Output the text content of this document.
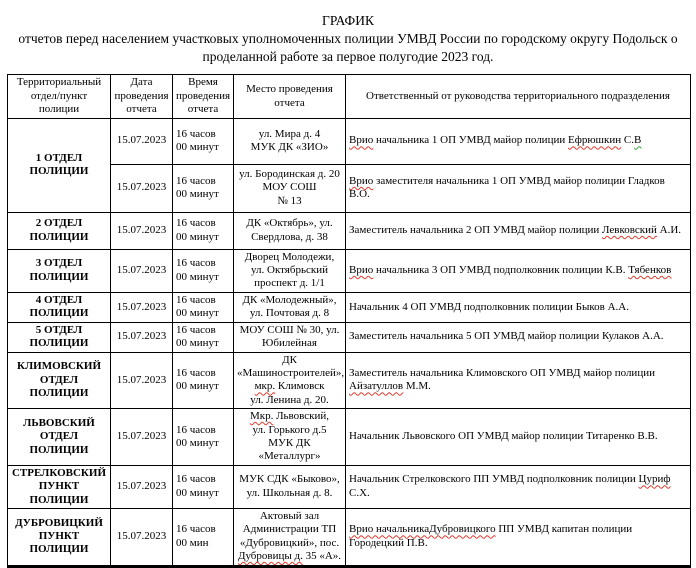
ГРАФИК
отчетов перед населением участковых уполномоченных полиции УМВД России по городскому округу Подольск о
проделанной работе за первое полугодие 2023 год.
Территориальный
отдел/пункт полиции	Дата
проведения
отчета	Время
проведения
отчета	Место проведения
отчета	Ответственный от руководства территориального подразделения
1 ОТДЕЛ
ПОЛИЦИИ	15.07.2023	16 часов
00 минут	ул. Мира д. 4
МУК ДК «ЗИО»	Врио начальника 1 ОП УМВД майор полиции Ефрюшкин С.В
	15.07.2023	16 часов
00 минут	ул. Бородинская д. 20
МОУ СОШ
№ 13	Врио заместителя начальника 1 ОП УМВД майор полиции Гладков В.О.
2 ОТДЕЛ
ПОЛИЦИИ	15.07.2023	16 часов
00 минут	ДК «Октябрь», ул.
Свердлова, д. 38	Заместитель начальника 2 ОП УМВД майор полиции Левковский А.И.
3 ОТДЕЛ
ПОЛИЦИИ	15.07.2023	16 часов
00 минут	Дворец Молодежи,
ул. Октябрьский
проспект д. 1/1	Врио начальника 3 ОП УМВД подполковник полиции К.В. Тябенков
4 ОТДЕЛ
ПОЛИЦИИ	15.07.2023	16 часов
00 минут	ДК «Молодежный»,
ул. Почтовая д. 8	Начальник 4 ОП УМВД подполковник полиции Быков А.А.
5 ОТДЕЛ
ПОЛИЦИИ	15.07.2023	16 часов
00 минут	МОУ СОШ № 30, ул.
Юбилейная	Заместитель начальника 5 ОП УМВД майор полиции Кулаков А.А.
КЛИМОВСКИЙ
ОТДЕЛ ПОЛИЦИИ	15.07.2023	16 часов
00 минут	ДК
«Машиностроителей»,
мкр. Климовск
ул. Ленина д. 20.	Заместитель начальника Климовского ОП УМВД майор полиции
Айзатуллов М.М.
ЛЬВОВСКИЙ
ОТДЕЛ ПОЛИЦИИ	15.07.2023	16 часов
00 минут	Мкр. Львовский,
ул. Горького д.5
МУК ДК «Металлург»	Начальник Львовского ОП УМВД майор полиции Титаренко В.В.
СТРЕЛКОВСКИЙ
ПУНКТ ПОЛИЦИИ	15.07.2023	16 часов
00 минут	МУК СДК «Быково»,
ул. Школьная д. 8.	Начальник Стрелковского ПП УМВД подполковник полиции Цуриф С.Х.
ДУБРОВИЦКИЙ
ПУНКТ ПОЛИЦИИ	15.07.2023	16 часов
00 мин	Актовый зал
Администрации ТП
«Дубровицкий», пос.
Дубровицы д. 35 «А».	Врио начальникаДубровицкого ПП УМВД капитан полиции Городецкий П.В.
